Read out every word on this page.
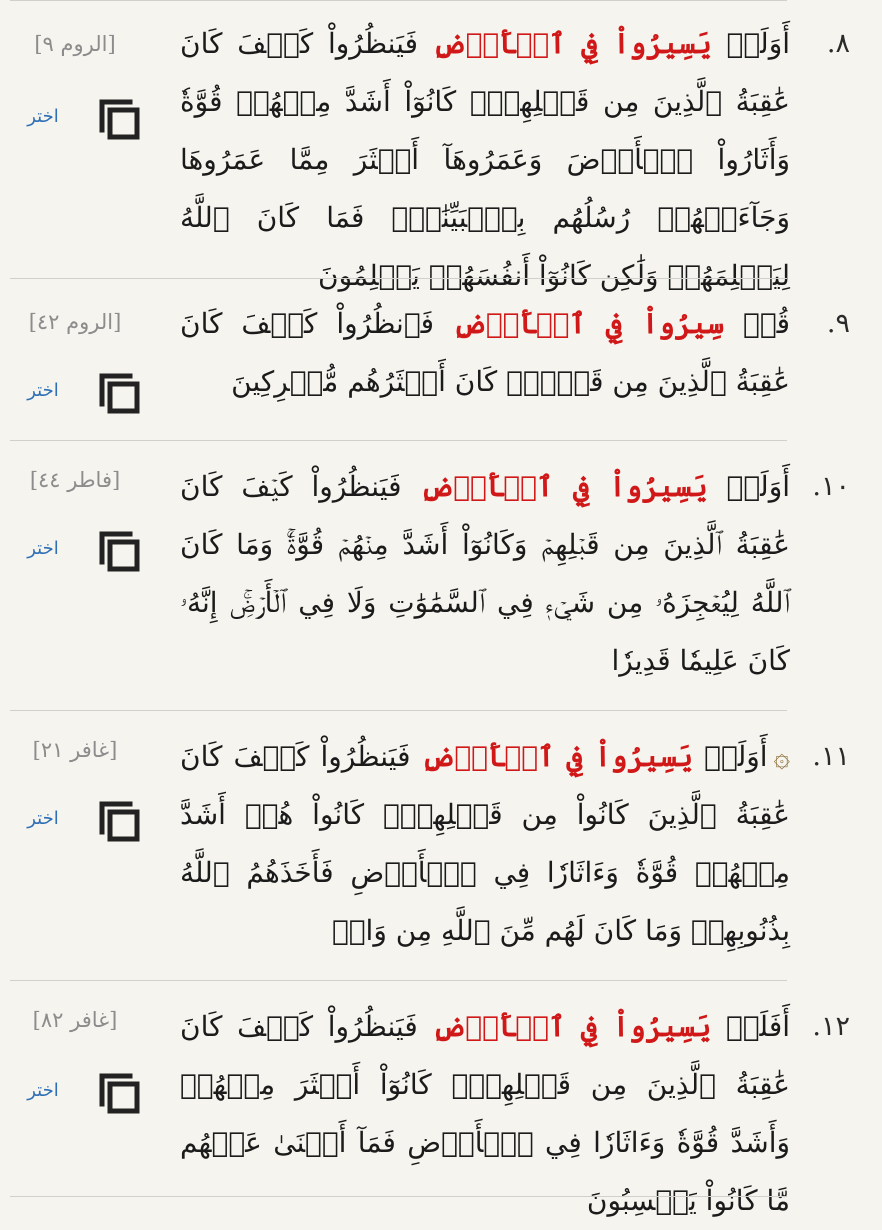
٨.
أَوَلَمۡ يَسِيرُواْ فِي ٱلۡأَرۡضِ فَيَنظُرُواْ كَيۡفَ كَانَ عَٰقِبَةُ ٱلَّذِينَ مِن قَبۡلِهِمۡۚ كَانُوٓاْ أَشَدَّ مِنۡهُمۡ قُوَّةٗ وَأَثَارُواْ ٱلۡأَرۡضَ وَعَمَرُوهَآ أَكۡثَرَ مِمَّا عَمَرُوهَا وَجَآءَتۡهُمۡ رُسُلُهُم بِٱلۡبَيِّنَٰتِۖ فَمَا كَانَ ٱللَّهُ لِيَظۡلِمَهُمۡ وَلَٰكِن كَانُوٓاْ أَنفُسَهُمۡ يَظۡلِمُونَ
[الروم ٩]
اختر
٩.
قُلۡ سِيرُواْ فِي ٱلۡأَرۡضِ فَٱنظُرُواْ كَيۡفَ كَانَ عَٰقِبَةُ ٱلَّذِينَ مِن قَبۡلُۚ كَانَ أَكۡثَرُهُم مُّشۡرِكِينَ
[الروم ٤٢]
اختر
١٠.
أَوَلَمۡ يَسِيرُواْ فِي ٱلۡأَرۡضِ فَيَنظُرُواْ كَيۡفَ كَانَ عَٰقِبَةُ ٱلَّذِينَ مِن قَبۡلِهِمۡ وَكَانُوٓاْ أَشَدَّ مِنۡهُمۡ قُوَّةٗۚ وَمَا كَانَ ٱللَّهُ لِيُعۡجِزَهُۥ مِن شَيۡءٖ فِي ٱلسَّمَٰوَٰتِ وَلَا فِي ٱلۡأَرۡضِۚ إِنَّهُۥ كَانَ عَلِيمٗا قَدِيرٗا
[فاطر ٤٤]
اختر
١١.
۞أَوَلَمۡ يَسِيرُواْ فِي ٱلۡأَرۡضِ فَيَنظُرُواْ كَيۡفَ كَانَ عَٰقِبَةُ ٱلَّذِينَ كَانُواْ مِن قَبۡلِهِمۡۚ كَانُواْ هُمۡ أَشَدَّ مِنۡهُمۡ قُوَّةٗ وَءَاثَارٗا فِي ٱلۡأَرۡضِ فَأَخَذَهُمُ ٱللَّهُ بِذُنُوبِهِمۡ وَمَا كَانَ لَهُم مِّنَ ٱللَّهِ مِن وَاقٖ
[غافر ٢١]
اختر
١٢.
أَفَلَمۡ يَسِيرُواْ فِي ٱلۡأَرۡضِ فَيَنظُرُواْ كَيۡفَ كَانَ عَٰقِبَةُ ٱلَّذِينَ مِن قَبۡلِهِمۡۚ كَانُوٓاْ أَكۡثَرَ مِنۡهُمۡ وَأَشَدَّ قُوَّةٗ وَءَاثَارٗا فِي ٱلۡأَرۡضِ فَمَآ أَغۡنَىٰ عَنۡهُم مَّا كَانُواْ يَكۡسِبُونَ
[غافر ٨٢]
اختر
